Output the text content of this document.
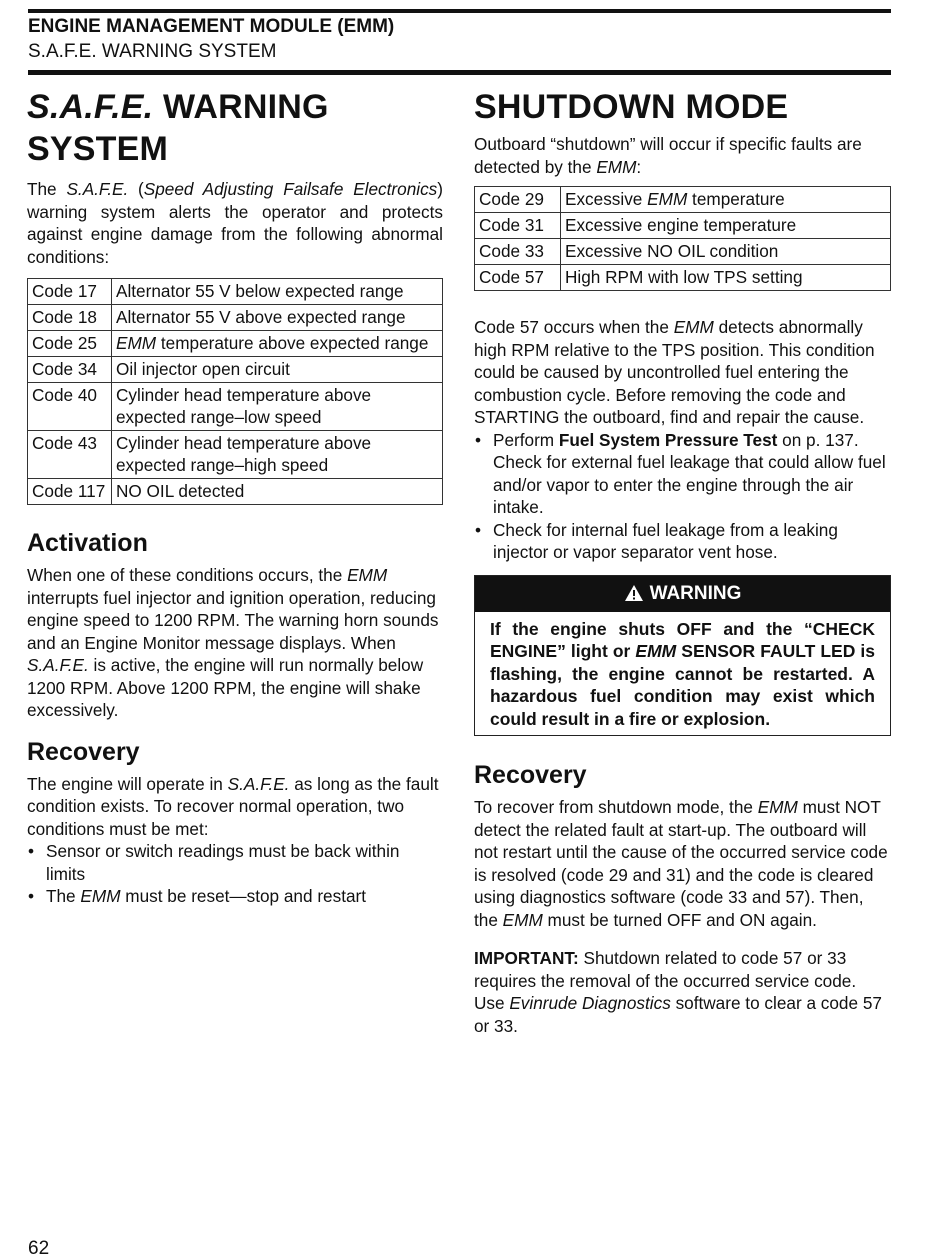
ENGINE MANAGEMENT MODULE (EMM)
S.A.F.E. WARNING SYSTEM
S.A.F.E. WARNING SYSTEM

The S.A.F.E. (Speed Adjusting Failsafe Electronics) warning system alerts the operator and protects against engine damage from the following abnormal conditions:

Code 17	Alternator 55 V below expected range
Code 18	Alternator 55 V above expected range
Code 25	EMM temperature above expected range
Code 34	Oil injector open circuit
Code 40	Cylinder head temperature above expected range–low speed
Code 43	Cylinder head temperature above expected range–high speed
Code 117	NO OIL detected
Activation

When one of these conditions occurs, the EMM interrupts fuel injector and ignition operation, reducing engine speed to 1200 RPM. The warning horn sounds and an Engine Monitor message displays. When S.A.F.E. is active, the engine will run normally below 1200 RPM. Above 1200 RPM, the engine will shake excessively.

Recovery

The engine will operate in S.A.F.E. as long as the fault condition exists. To recover normal operation, two conditions must be met:

• Sensor or switch readings must be back within limits
• The EMM must be reset—stop and restart
SHUTDOWN MODE

Outboard “shutdown” will occur if specific faults are detected by the EMM:

Code 29	Excessive EMM temperature
Code 31	Excessive engine temperature
Code 33	Excessive NO OIL condition
Code 57	High RPM with low TPS setting

Code 57 occurs when the EMM detects abnormally high RPM relative to the TPS position. This condition could be caused by uncontrolled fuel entering the combustion cycle. Before removing the code and STARTING the outboard, find and repair the cause.

• Perform Fuel System Pressure Test on p. 137. Check for external fuel leakage that could allow fuel and/or vapor to enter the engine through the air intake.
• Check for internal fuel leakage from a leaking injector or vapor separator vent hose.
WARNING
If the engine shuts OFF and the “CHECK ENGINE” light or EMM SENSOR FAULT LED is flashing, the engine cannot be restarted. A hazardous fuel condition may exist which could result in a fire or explosion.
Recovery

To recover from shutdown mode, the EMM must NOT detect the related fault at start-up. The outboard will not restart until the cause of the occurred service code is resolved (code 29 and 31) and the code is cleared using diagnostics software (code 33 and 57). Then, the EMM must be turned OFF and ON again.

IMPORTANT: Shutdown related to code 57 or 33 requires the removal of the occurred service code. Use Evinrude Diagnostics software to clear a code 57 or 33.

62
